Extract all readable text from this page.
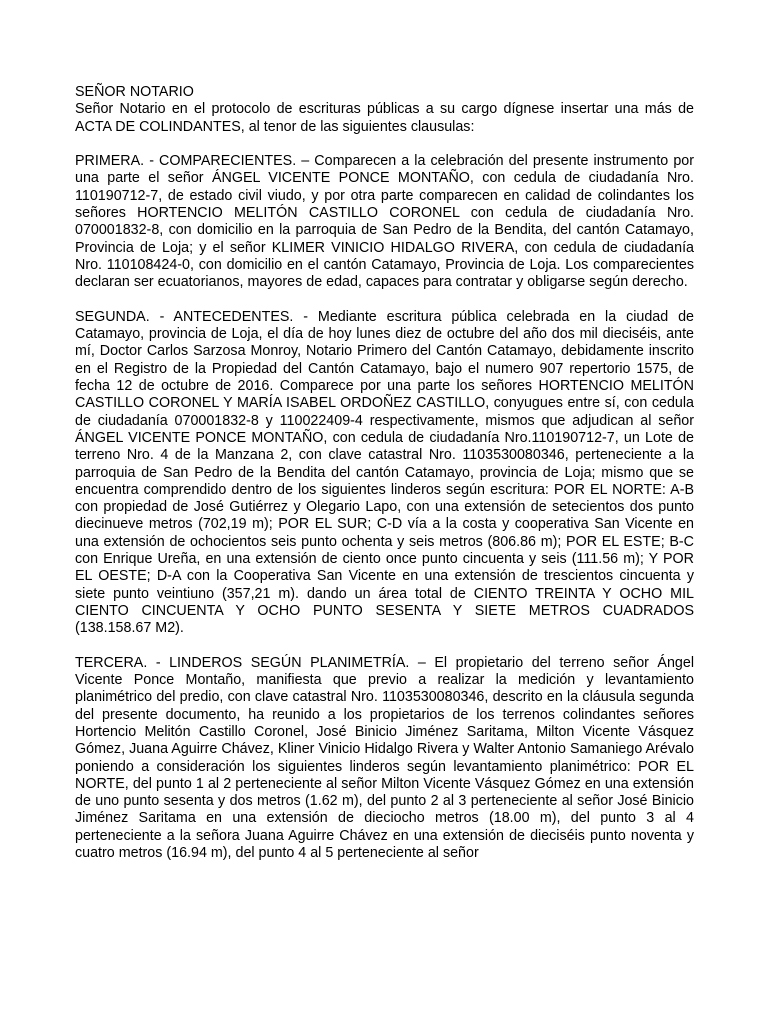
SEÑOR NOTARIO

Señor Notario en el protocolo de escrituras públicas a su cargo dígnese insertar una más de ACTA DE COLINDANTES, al tenor de las siguientes clausulas:

PRIMERA. - COMPARECIENTES. – Comparecen a la celebración del presente instrumento por una parte el señor ÁNGEL VICENTE PONCE MONTAÑO, con cedula de ciudadanía Nro. 110190712-7, de estado civil viudo, y por otra parte comparecen en calidad de colindantes los señores HORTENCIO MELITÓN CASTILLO CORONEL con cedula de ciudadanía Nro. 070001832-8, con domicilio en la parroquia de San Pedro de la Bendita, del cantón Catamayo, Provincia de Loja; y el señor KLIMER VINICIO HIDALGO RIVERA, con cedula de ciudadanía Nro. 110108424-0, con domicilio en el cantón Catamayo, Provincia de Loja. Los comparecientes declaran ser ecuatorianos, mayores de edad, capaces para contratar y obligarse según derecho.

SEGUNDA. - ANTECEDENTES. - Mediante escritura pública celebrada en la ciudad de Catamayo, provincia de Loja, el día de hoy lunes diez de octubre del año dos mil dieciséis, ante mí, Doctor Carlos Sarzosa Monroy, Notario Primero del Cantón Catamayo, debidamente inscrito en el Registro de la Propiedad del Cantón Catamayo, bajo el numero 907 repertorio 1575, de fecha 12 de octubre de 2016. Comparece por una parte los señores HORTENCIO MELITÓN CASTILLO CORONEL Y MARÍA ISABEL ORDOÑEZ CASTILLO, conyugues entre sí, con cedula de ciudadanía 070001832-8 y 110022409-4 respectivamente, mismos que adjudican al señor ÁNGEL VICENTE PONCE MONTAÑO, con cedula de ciudadanía Nro.110190712-7, un Lote de terreno Nro. 4 de la Manzana 2, con clave catastral Nro. 1103530080346, perteneciente a la parroquia de San Pedro de la Bendita del cantón Catamayo, provincia de Loja; mismo que se encuentra comprendido dentro de los siguientes linderos según escritura: POR EL NORTE: A-B con propiedad de José Gutiérrez y Olegario Lapo, con una extensión de setecientos dos punto diecinueve metros (702,19 m); POR EL SUR; C-D vía a la costa y cooperativa San Vicente en una extensión de ochocientos seis punto ochenta y seis metros (806.86 m); POR EL ESTE; B-C con Enrique Ureña, en una extensión de ciento once punto cincuenta y seis (111.56 m); Y POR EL OESTE; D-A con la Cooperativa San Vicente en una extensión de trescientos cincuenta y siete punto veintiuno (357,21 m). dando un área total de CIENTO TREINTA Y OCHO MIL CIENTO CINCUENTA Y OCHO PUNTO SESENTA Y SIETE METROS CUADRADOS (138.158.67 M2).

TERCERA. - LINDEROS SEGÚN PLANIMETRÍA. – El propietario del terreno señor Ángel Vicente Ponce Montaño, manifiesta que previo a realizar la medición y levantamiento planimétrico del predio, con clave catastral Nro. 1103530080346, descrito en la cláusula segunda del presente documento, ha reunido a los propietarios de los terrenos colindantes señores Hortencio Melitón Castillo Coronel, José Binicio Jiménez Saritama, Milton Vicente Vásquez Gómez, Juana Aguirre Chávez, Kliner Vinicio Hidalgo Rivera y Walter Antonio Samaniego Arévalo poniendo a consideración los siguientes linderos según levantamiento planimétrico: POR EL NORTE, del punto 1 al 2 perteneciente al señor Milton Vicente Vásquez Gómez en una extensión de uno punto sesenta y dos metros (1.62 m), del punto 2 al 3 perteneciente al señor José Binicio Jiménez Saritama en una extensión de dieciocho metros (18.00 m), del punto 3 al 4 perteneciente a la señora Juana Aguirre Chávez en una extensión de dieciséis punto noventa y cuatro metros (16.94 m), del punto 4 al 5 perteneciente al señor
